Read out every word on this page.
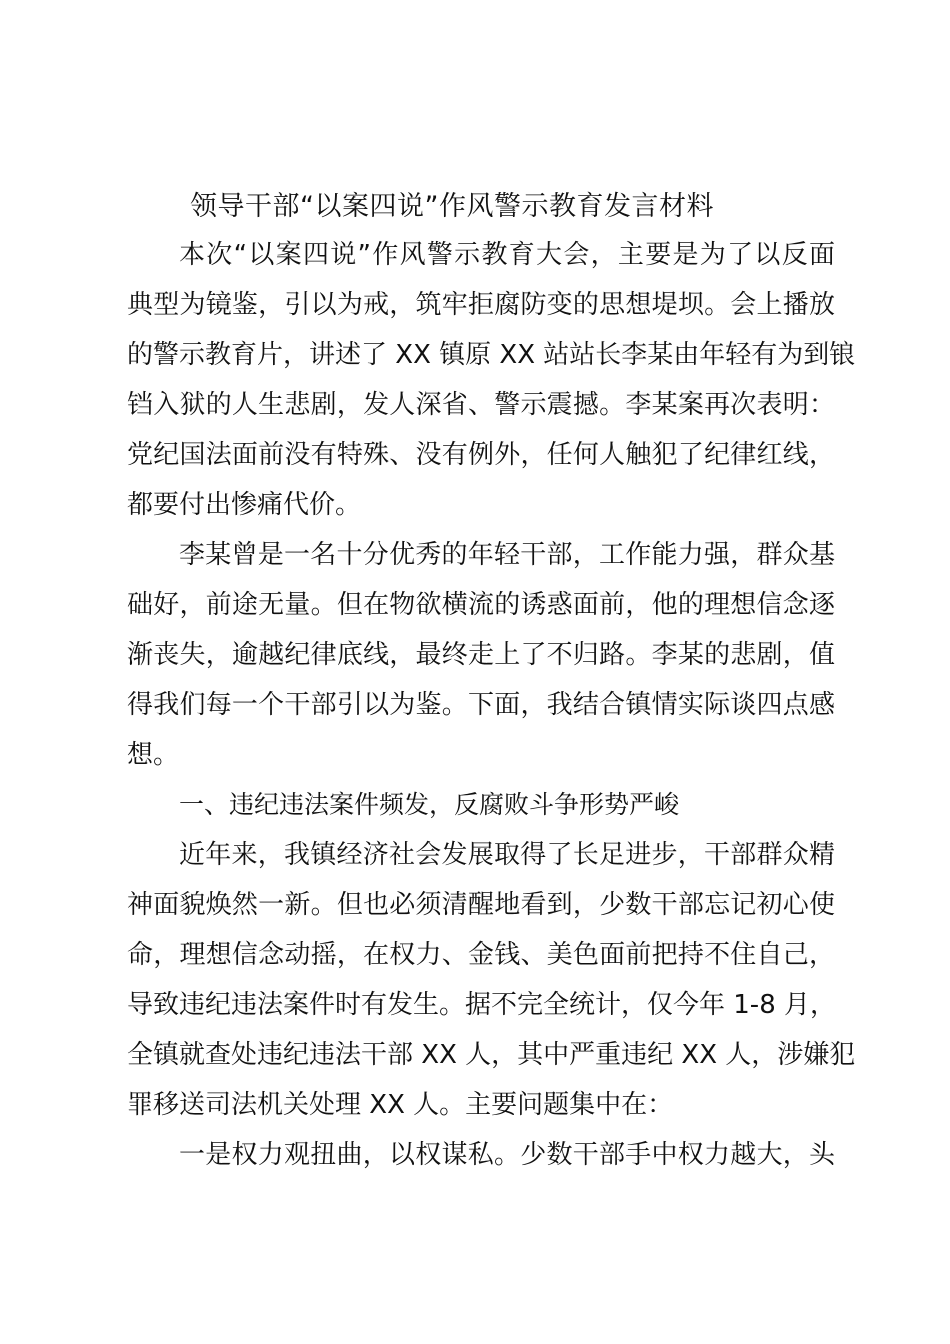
领导干部“以案四说”作风警示教育发言材料
本次“以案四说”作风警示教育大会，主要是为了以反面
典型为镜鉴，引以为戒，筑牢拒腐防变的思想堤坝。会上播放
的警示教育片，讲述了 XX 镇原 XX 站站长李某由年轻有为到锒
铛入狱的人生悲剧，发人深省、警示震撼。李某案再次表明：
党纪国法面前没有特殊、没有例外，任何人触犯了纪律红线，
都要付出惨痛代价。
李某曾是一名十分优秀的年轻干部，工作能力强，群众基
础好，前途无量。但在物欲横流的诱惑面前，他的理想信念逐
渐丧失，逾越纪律底线，最终走上了不归路。李某的悲剧，值
得我们每一个干部引以为鉴。下面，我结合镇情实际谈四点感
想。
一、违纪违法案件频发，反腐败斗争形势严峻
近年来，我镇经济社会发展取得了长足进步，干部群众精
神面貌焕然一新。但也必须清醒地看到，少数干部忘记初心使
命，理想信念动摇，在权力、金钱、美色面前把持不住自己，
导致违纪违法案件时有发生。据不完全统计，仅今年 1-8 月，
全镇就查处违纪违法干部 XX 人，其中严重违纪 XX 人，涉嫌犯
罪移送司法机关处理 XX 人。主要问题集中在：
一是权力观扭曲，以权谋私。少数干部手中权力越大，头
